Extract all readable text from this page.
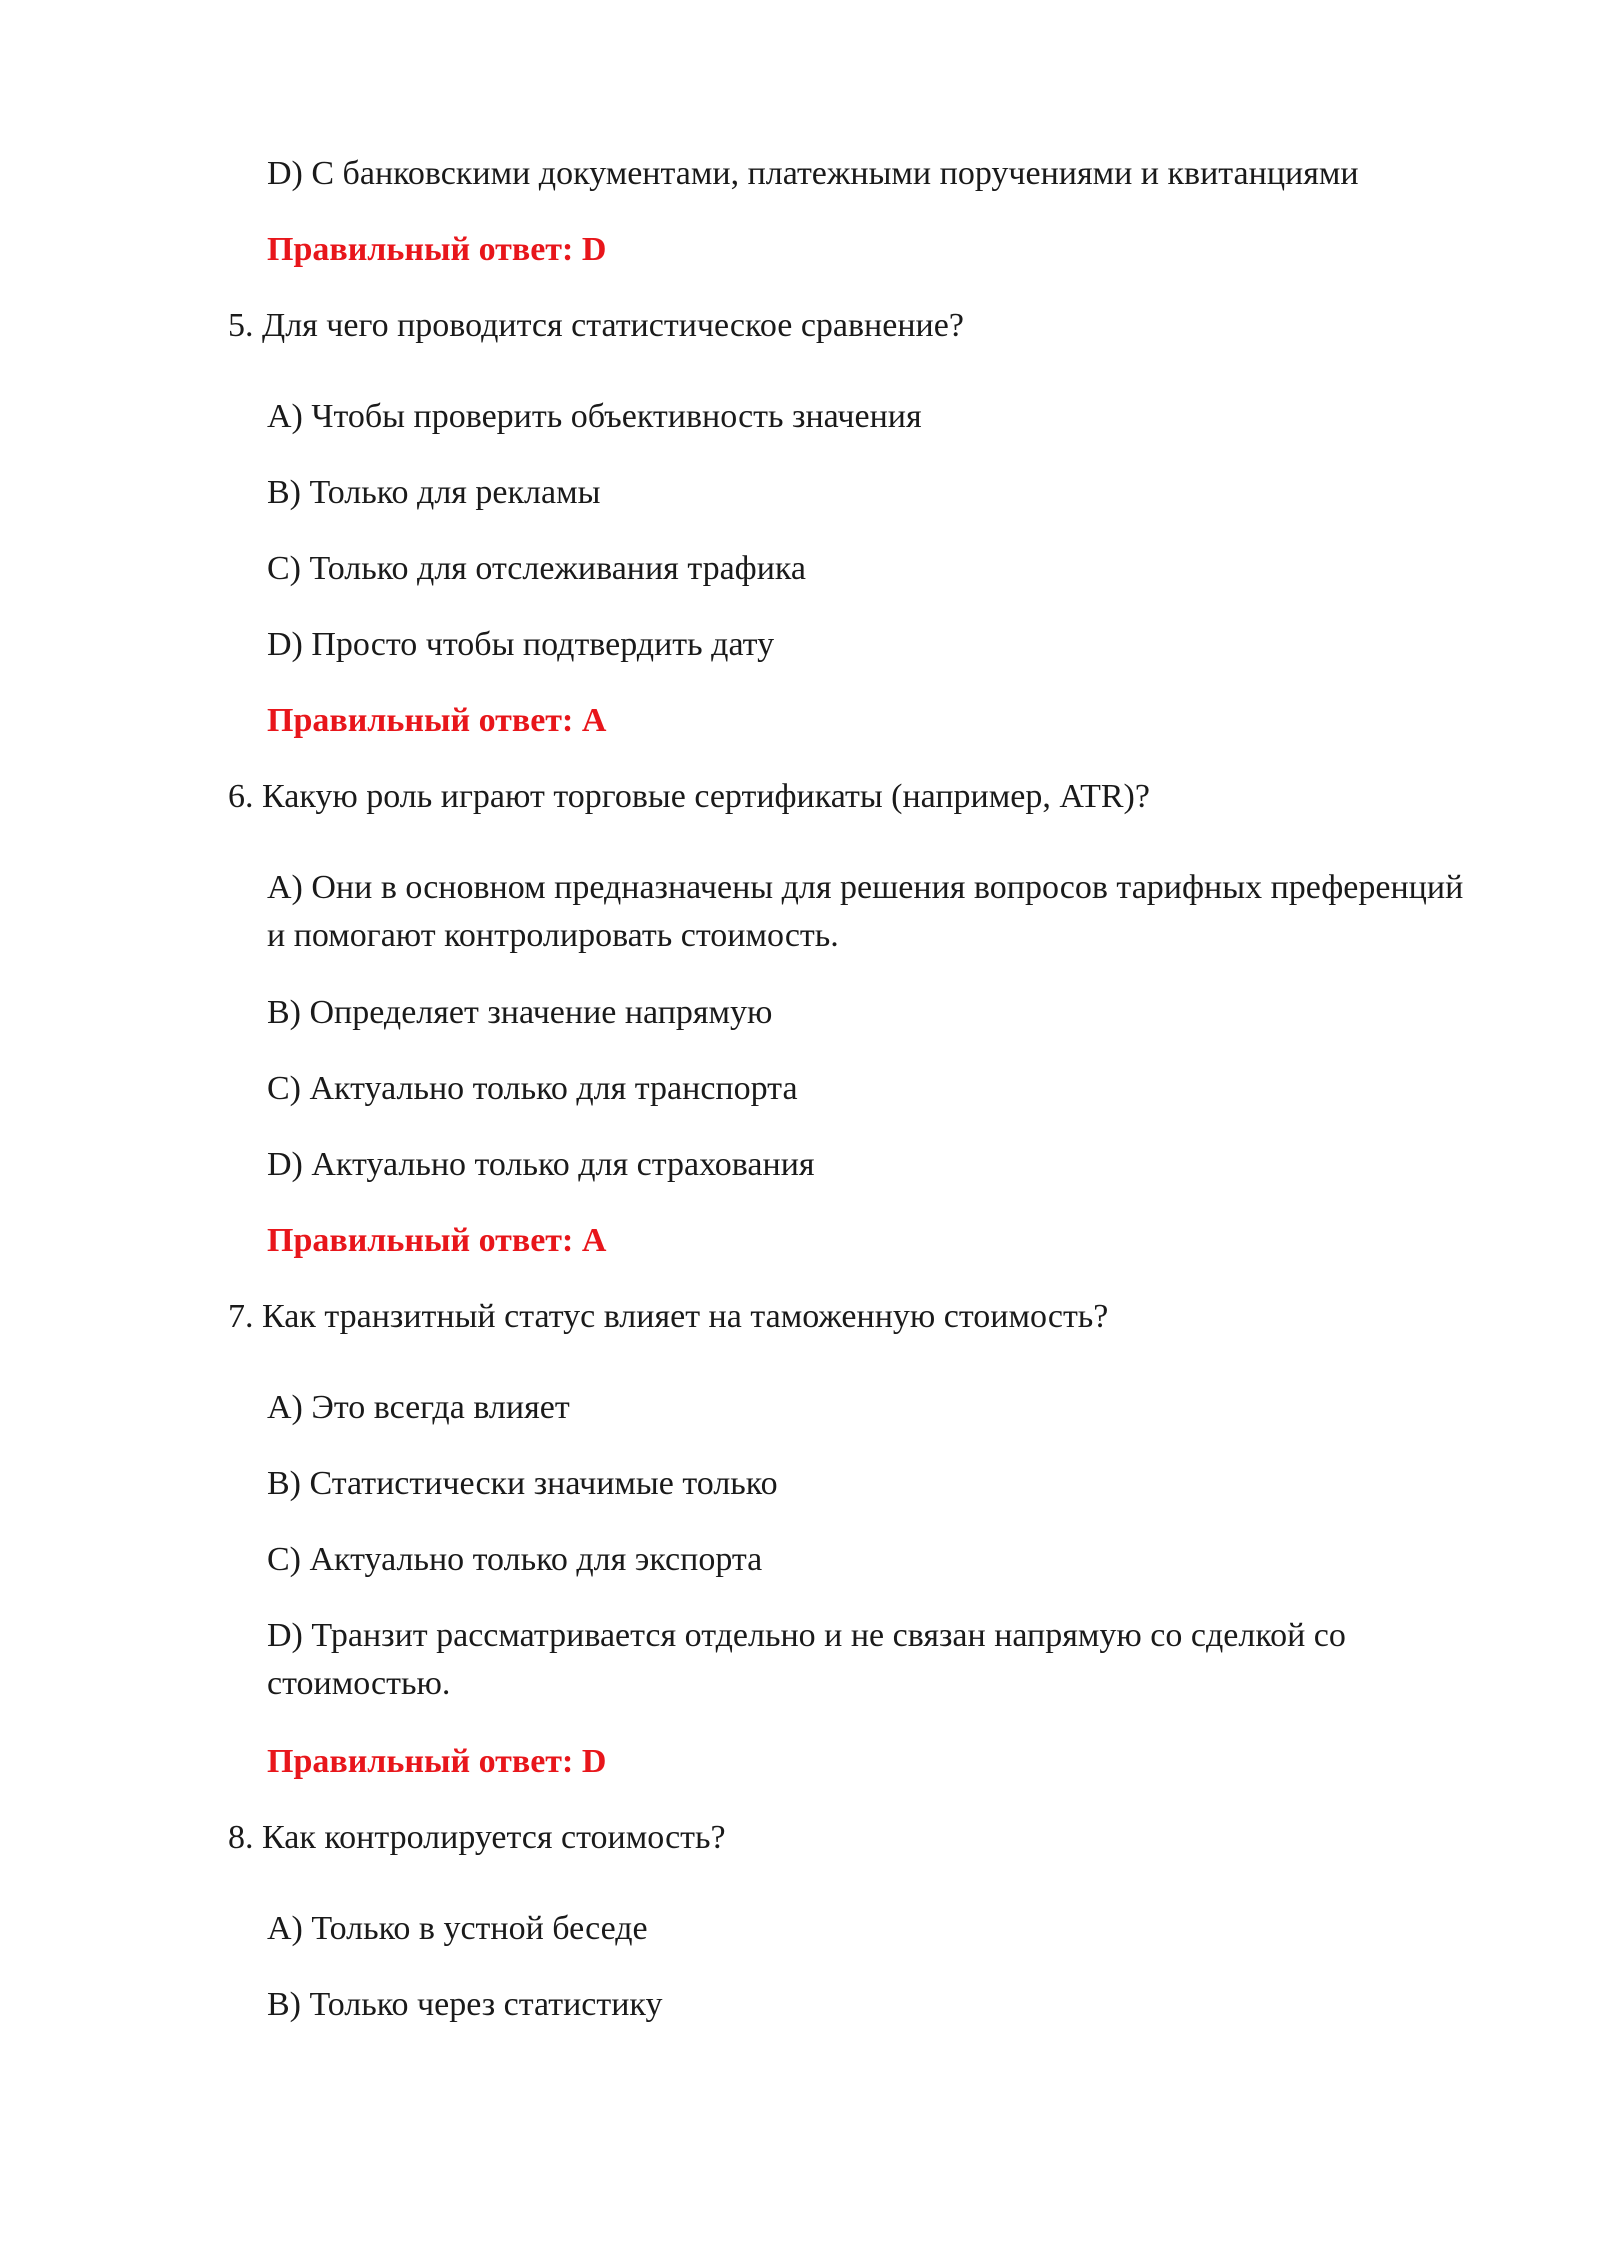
D) С банковскими документами, платежными поручениями и квитанциями
Правильный ответ: D
5. Для чего проводится статистическое сравнение?
A) Чтобы проверить объективность значения
B) Только для рекламы
C) Только для отслеживания трафика
D) Просто чтобы подтвердить дату
Правильный ответ: A
6. Какую роль играют торговые сертификаты (например, ATR)?
A) Они в основном предназначены для решения вопросов тарифных преференций и помогают контролировать стоимость.
B) Определяет значение напрямую
C) Актуально только для транспорта
D) Актуально только для страхования
Правильный ответ: A
7. Как транзитный статус влияет на таможенную стоимость?
A) Это всегда влияет
B) Статистически значимые только
C) Актуально только для экспорта
D) Транзит рассматривается отдельно и не связан напрямую со сделкой со стоимостью.
Правильный ответ: D
8. Как контролируется стоимость?
A) Только в устной беседе
B) Только через статистику
